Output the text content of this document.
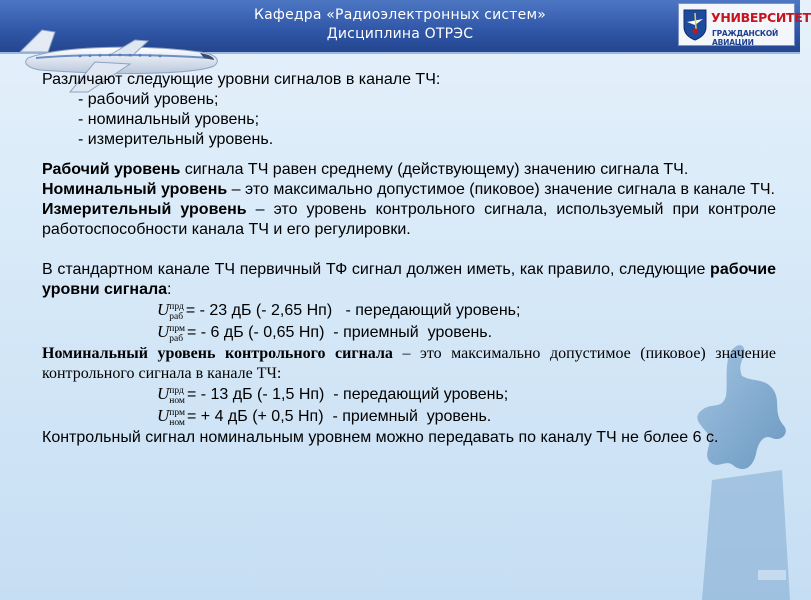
Кафедра «Радиоэлектронных систем»
Дисциплина ОТРЭС
УНИВЕРСИТЕТ
ГРАЖДАНСКОЙ АВИАЦИИ

Различают следующие уровни сигналов в канале ТЧ:

- рабочий уровень;

- номинальный уровень;

- измерительный уровень.

Рабочий уровень сигнала ТЧ равен среднему (действующему) значению сигнала ТЧ.

Номинальный уровень – это максимально допустимое (пиковое) значение сигнала в канале ТЧ.

Измерительный уровень – это уровень контрольного сигнала, используемый при контроле работоспособности канала ТЧ и его регулировки.

В стандартном канале ТЧ первичный ТФ сигнал должен иметь, как правило, следующие рабочие уровни сигнала:

U прд
раб = - 23 дБ (- 2,65 Нп)   - передающий уровень;

U прм
раб = - 6 дБ (- 0,65 Нп)  - приемный  уровень.

Номинальный уровень контрольного сигнала – это максимально допустимое (пиковое) значение контрольного сигнала в канале ТЧ:

U прд
ном = - 13 дБ (- 1,5 Нп)  - передающий уровень;

U прм
ном = + 4 дБ (+ 0,5 Нп)  - приемный  уровень.

Контрольный сигнал номинальным уровнем можно передавать по каналу ТЧ не более 6 с.
